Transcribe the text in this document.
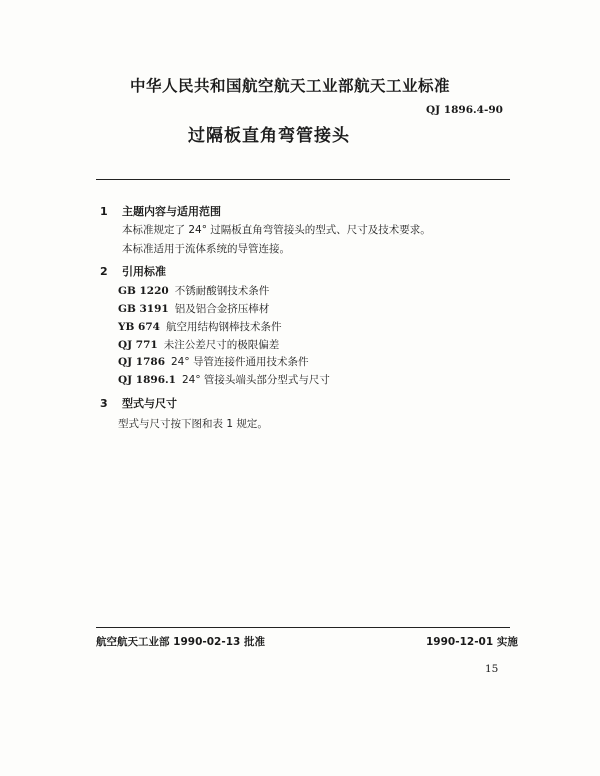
中华人民共和国航空航天工业部航天工业标准
QJ 1896.4-90
过隔板直角弯管接头
1 主题内容与适用范围
本标准规定了 24° 过隔板直角弯管接头的型式、尺寸及技术要求。
本标准适用于流体系统的导管连接。
2 引用标准
GB 1220 不锈耐酸钢技术条件
GB 3191 铝及铝合金挤压棒材
YB 674 航空用结构钢棒技术条件
QJ 771 未注公差尺寸的极限偏差
QJ 1786 24° 导管连接件通用技术条件
QJ 1896.1 24° 管接头端头部分型式与尺寸
3 型式与尺寸
型式与尺寸按下图和表 1 规定。
航空航天工业部 1990-02-13 批准	1990-12-01 实施
15
